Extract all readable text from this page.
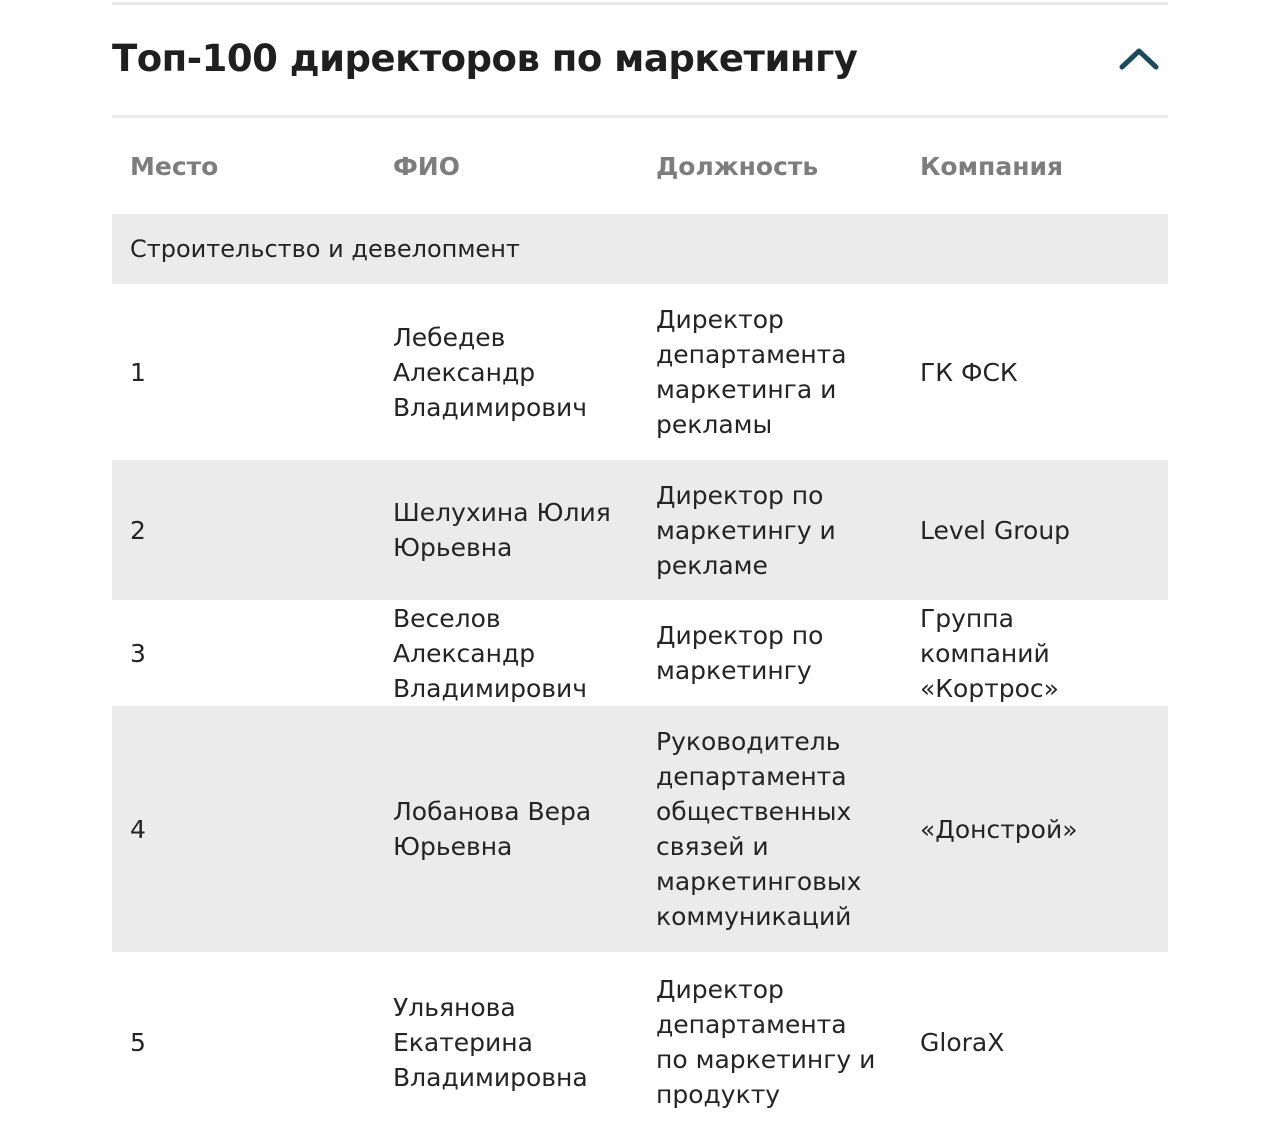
Топ-100 директоров по маркетингу
Место	ФИО	Должность	Компания
Строительство и девелопмент			
1	Лебедев Александр Владимирович	Директор департамента маркетинга и рекламы	ГК ФСК
2	Шелухина Юлия Юрьевна	Директор по маркетингу и рекламе	Level Group
3	Веселов Александр Владимирович	Директор по маркетингу	Группа компаний «Кортрос»
4	Лобанова Вера Юрьевна	Руководитель департамента общественных связей и маркетинговых коммуникаций	«Донстрой»
5	Ульянова Екатерина Владимировна	Директор департамента по маркетингу и продукту	GloraX
